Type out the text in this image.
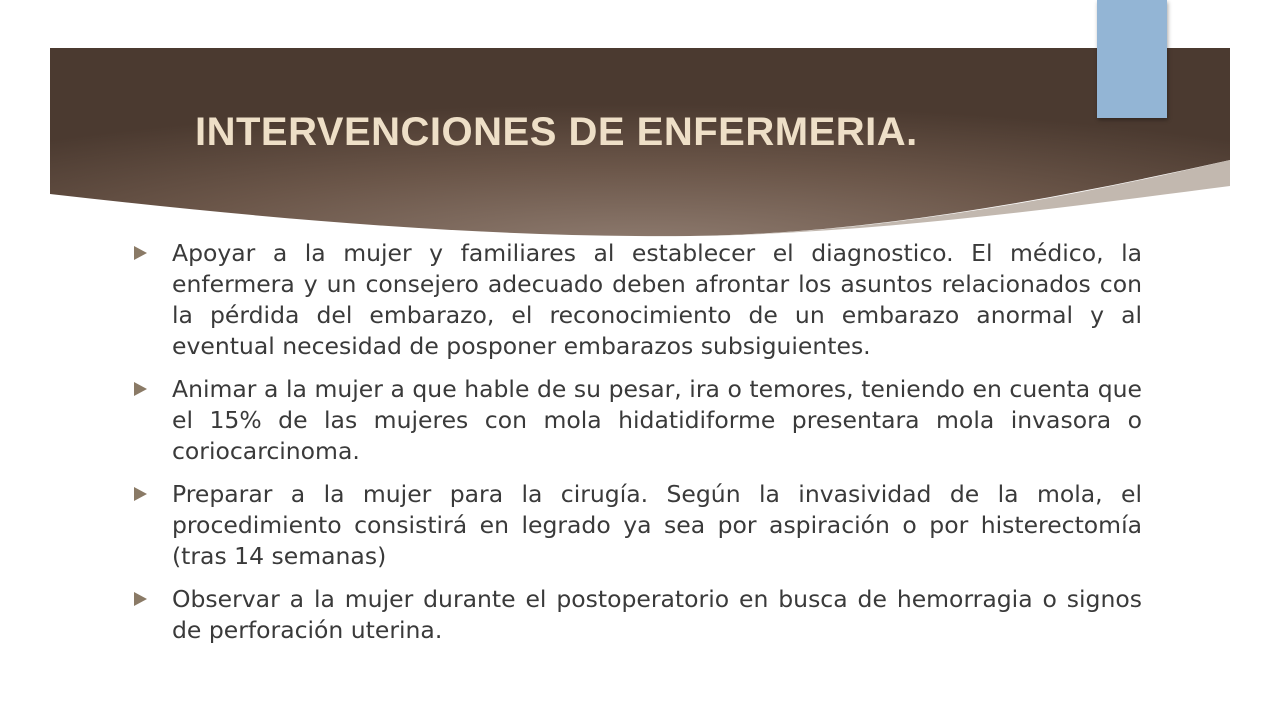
INTERVENCIONES DE ENFERMERIA.
Apoyar a la mujer y familiares al establecer el diagnostico. El médico, la enfermera y un consejero adecuado deben afrontar los asuntos relacionados con la pérdida del embarazo, el reconocimiento de un embarazo anormal y al eventual necesidad de posponer embarazos subsiguientes.
Animar a la mujer a que hable de su pesar, ira o temores, teniendo en cuenta que el 15% de las mujeres con mola hidatidiforme presentara mola invasora o coriocarcinoma.
Preparar a la mujer para la cirugía. Según la invasividad de la mola, el procedimiento consistirá en legrado ya sea por aspiración o por histerectomía (tras 14 semanas)
Observar a la mujer durante el postoperatorio en busca de hemorragia o signos de perforación uterina.
